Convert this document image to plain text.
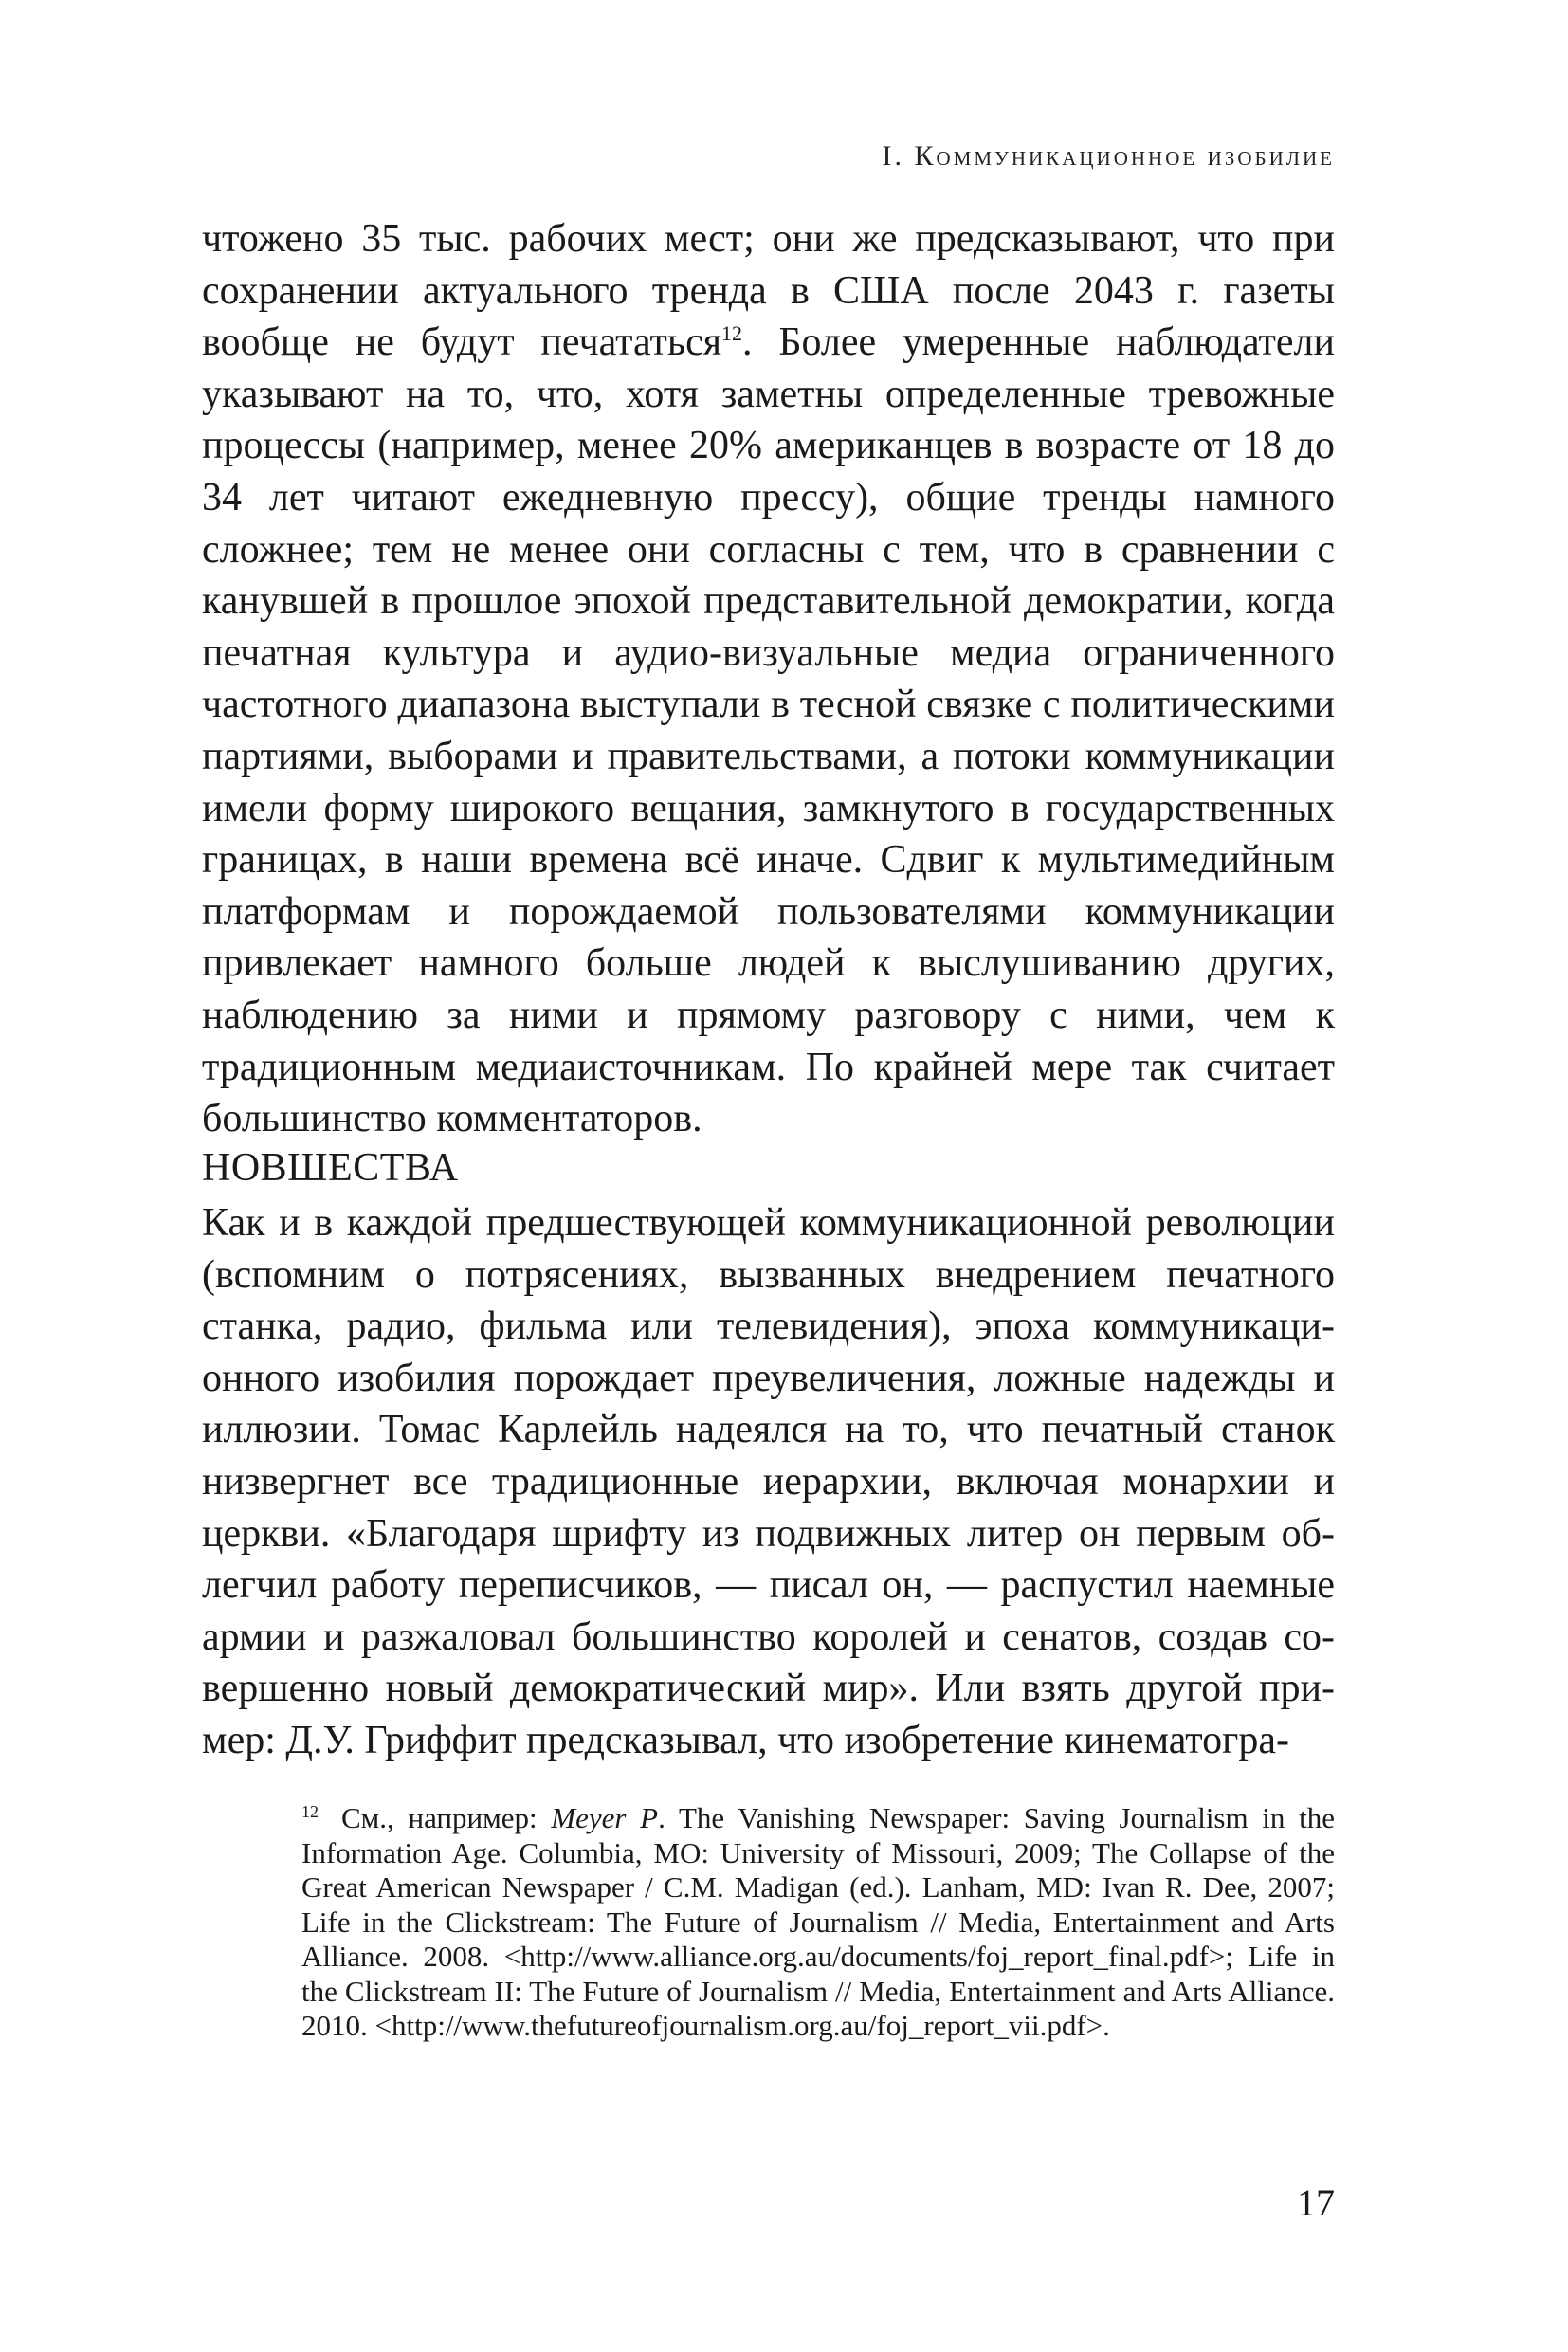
I. Коммуникационное изобилие

чтожено 35 тыс. рабочих мест; они же предсказывают, что при сохранении актуального тренда в США после 2043 г. газеты вообще не будут печататься$^{12}$. Более умеренные наблюдатели указывают на то, что, хотя заметны определенные тревожные процессы (например, менее 20% американцев в возрасте от 18 до 34 лет читают ежедневную прессу), общие тренды намного сложнее; тем не менее они согласны с тем, что в сравнении с канувшей в прошлое эпохой представительной демократии, когда печатная культура и аудио-визуальные медиа ограниченного частотного диапазона выступали в тесной связке с политическими партиями, выборами и правительствами, а потоки коммуникации имели форму широкого вещания, замкнутого в государственных границах, в наши времена всё иначе. Сдвиг к мультимедийным платформам и порождаемой пользователями коммуникации привлекает намного больше людей к выслушиванию других, наблюдению за ними и прямому разговору с ними, чем к традиционным медиаисточникам. По крайней мере так считает большинство комментаторов.

НОВШЕСТВА

Как и в каждой предшествующей коммуникационной революции (вспомним о потрясениях, вызванных внедрением печатного станка, радио, фильма или телевидения), эпоха коммуникационного изобилия порождает преувеличения, ложные надежды и иллюзии. Томас Карлейль надеялся на то, что печатный станок низвергнет все традиционные иерархии, включая монархии и церкви. «Благодаря шрифту из подвижных литер он первым облегчил работу переписчиков, — писал он, — распустил наемные армии и разжаловал большинство королей и сенатов, создав совершенно новый демократический мир». Или взять другой пример: Д.У. Гриффит предсказывал, что изобретение кинематогра-

$^{12}$ См., например: Meyer P. The Vanishing Newspaper: Saving Journalism in the Information Age. Columbia, MO: University of Missouri, 2009; The Collapse of the Great American Newspaper / C.M. Madigan (ed.). Lanham, MD: Ivan R. Dee, 2007; Life in the Clickstream: The Future of Journalism // Media, Entertainment and Arts Alliance. 2008. <http://www.alliance.org.au/documents/foj_report_final.pdf>; Life in the Clickstream II: The Future of Journalism // Media, Entertainment and Arts Alliance. 2010. <http://www.thefutureofjournalism.org.au/foj_report_vii.pdf>.

17
